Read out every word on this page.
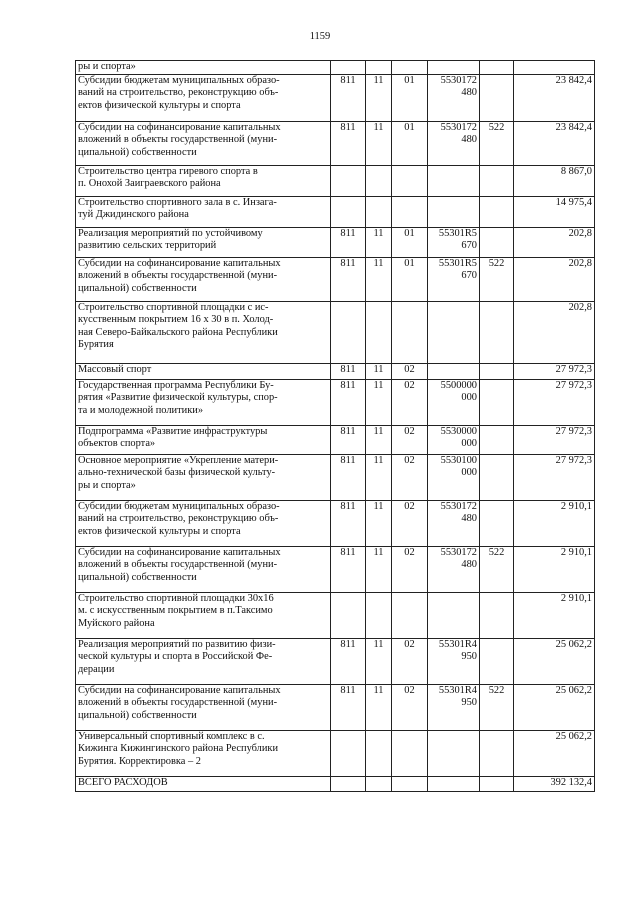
1159
ры и спорта»						
Субсидии бюджетам муниципальных образо-
ваний на строительство, реконструкцию объ-
ектов физической культуры и спорта	811	11	01	5530172
480		23 842,4
Субсидии на софинансирование капитальных
вложений в объекты государственной (муни-
ципальной) собственности	811	11	01	5530172
480	522	23 842,4
Строительство центра гиревого спорта в
п. Онохой Заиграевского района						8 867,0
Строительство спортивного зала в с. Инзага-
туй Джидинского района						14 975,4
Реализация мероприятий по устойчивому
развитию сельских территорий	811	11	01	55301R5
670		202,8
Субсидии на софинансирование капитальных
вложений в объекты государственной (муни-
ципальной) собственности	811	11	01	55301R5
670	522	202,8
Строительство спортивной площадки с ис-
кусственным покрытием 16 х 30 в п. Холод-
ная Северо-Байкальского района Республики
Бурятия						202,8
Массовый спорт	811	11	02			27 972,3
Государственная программа Республики Бу-
рятия «Развитие физической культуры, спор-
та и молодежной политики»	811	11	02	5500000
000		27 972,3
Подпрограмма «Развитие инфраструктуры
объектов спорта»	811	11	02	5530000
000		27 972,3
Основное мероприятие «Укрепление матери-
ально-технической базы физической культу-
ры и спорта»	811	11	02	5530100
000		27 972,3
Субсидии бюджетам муниципальных образо-
ваний на строительство, реконструкцию объ-
ектов физической культуры и спорта	811	11	02	5530172
480		2 910,1
Субсидии на софинансирование капитальных
вложений в объекты государственной (муни-
ципальной) собственности	811	11	02	5530172
480	522	2 910,1
Строительство спортивной площадки 30х16
м. с искусственным покрытием в п.Таксимо
Муйского района						2 910,1
Реализация мероприятий по развитию физи-
ческой культуры и спорта в Российской Фе-
дерации	811	11	02	55301R4
950		25 062,2
Субсидии на софинансирование капитальных
вложений в объекты государственной (муни-
ципальной) собственности	811	11	02	55301R4
950	522	25 062,2
Универсальный спортивный комплекс в с.
Кижинга Кижингинского района Республики
Бурятия. Корректировка – 2						25 062,2
ВСЕГО РАСХОДОВ						392 132,4
